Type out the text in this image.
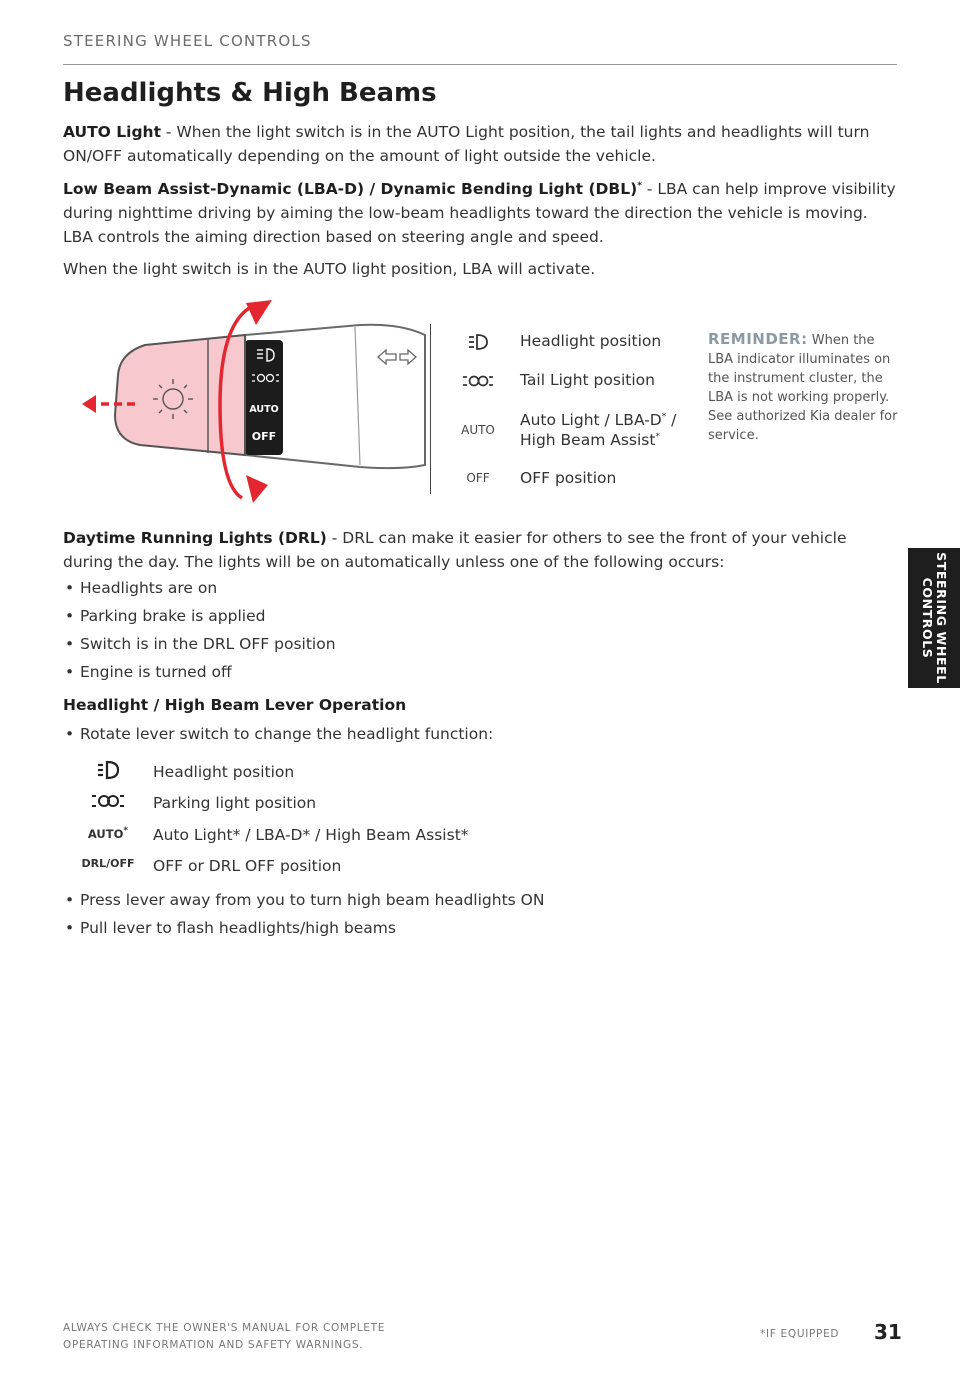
STEERING WHEEL CONTROLS
Headlights & High Beams

AUTO Light - When the light switch is in the AUTO Light position, the tail lights and headlights will turn ON/OFF automatically depending on the amount of light outside the vehicle.

Low Beam Assist-Dynamic (LBA-D) / Dynamic Bending Light (DBL)* - LBA can help improve visibility during nighttime driving by aiming the low-beam headlights toward the direction the vehicle is moving. LBA controls the aiming direction based on steering angle and speed.

When the light switch is in the AUTO light position, LBA will activate.

AUTO
OFF
Headlight position
Tail Light position
AUTO
Auto Light / LBA-D* /
High Beam Assist*
OFF	OFF position
REMINDER: When the LBA indicator illuminates on the instrument cluster, the LBA is not working properly. See authorized Kia dealer for service.

Daytime Running Lights (DRL) - DRL can make it easier for others to see the front of your vehicle during the day. The lights will be on automatically unless one of the following occurs:

• Headlights are on
• Parking brake is applied
• Switch is in the DRL OFF position
• Engine is turned off
Headlight / High Beam Lever Operation
• Rotate lever switch to change the headlight function:
Headlight position
Parking light position
AUTO*	Auto Light* / LBA-D* / High Beam Assist*
DRL/OFF OFF or DRL OFF position
• Press lever away from you to turn high beam headlights ON
• Pull lever to flash headlights/high beams
STEERING WHEEL
CONTROLS
ALWAYS CHECK THE OWNER'S MANUAL FOR COMPLETE
OPERATING INFORMATION AND SAFETY WARNINGS.
*IF EQUIPPED 31
